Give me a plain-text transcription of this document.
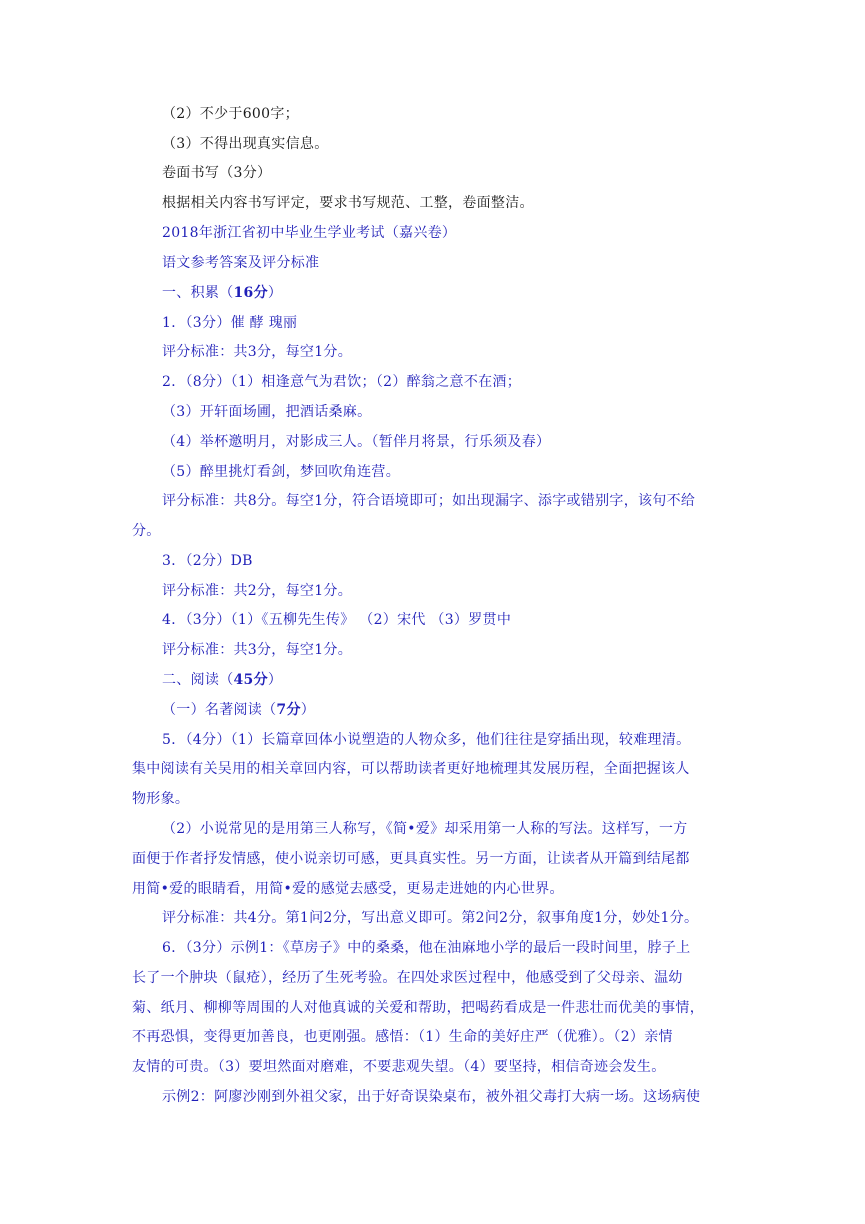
（2）不少于600字；
（3）不得出现真实信息。
卷面书写（3分）
根据相关内容书写评定，要求书写规范、工整，卷面整洁。
2018年浙江省初中毕业生学业考试（嘉兴卷）
语文参考答案及评分标准
一、积累（16分）
1．（3分）催 酵 瑰丽
评分标准：共3分，每空1分。
2．（8分）（1）相逢意气为君饮；（2）醉翁之意不在酒；
（3）开轩面场圃，把酒话桑麻。
（4）举杯邀明月，对影成三人。（暂伴月将景，行乐须及春）
（5）醉里挑灯看剑，梦回吹角连营。
评分标准：共8分。每空1分，符合语境即可；如出现漏字、添字或错别字，该句不给
分。
3．（2分）DB
评分标准：共2分，每空1分。
4．（3分）（1）《五柳先生传》 （2）宋代 （3）罗贯中
评分标准：共3分，每空1分。
二、阅读（45分）
（一）名著阅读（7分）
5．（4分）（1）长篇章回体小说塑造的人物众多，他们往往是穿插出现，较难理清。
集中阅读有关吴用的相关章回内容，可以帮助读者更好地梳理其发展历程，全面把握该人
物形象。
（2）小说常见的是用第三人称写，《简•爱》却采用第一人称的写法。这样写，一方
面便于作者抒发情感，使小说亲切可感，更具真实性。另一方面，让读者从开篇到结尾都
用简•爱的眼睛看，用简•爱的感觉去感受，更易走进她的内心世界。
评分标准：共4分。第1问2分，写出意义即可。第2问2分，叙事角度1分，妙处1分。
6．（3分）示例1：《草房子》中的桑桑，他在油麻地小学的最后一段时间里，脖子上
长了一个肿块（鼠疮），经历了生死考验。在四处求医过程中，他感受到了父母亲、温幼
菊、纸月、柳柳等周围的人对他真诚的关爱和帮助，把喝药看成是一件悲壮而优美的事情，
不再恐惧，变得更加善良，也更刚强。感悟：（1）生命的美好庄严（优雅）。（2）亲情
友情的可贵。（3）要坦然面对磨难，不要悲观失望。（4）要坚持，相信奇迹会发生。
示例2：阿廖沙刚到外祖父家，出于好奇误染桌布，被外祖父毒打大病一场。这场病使
